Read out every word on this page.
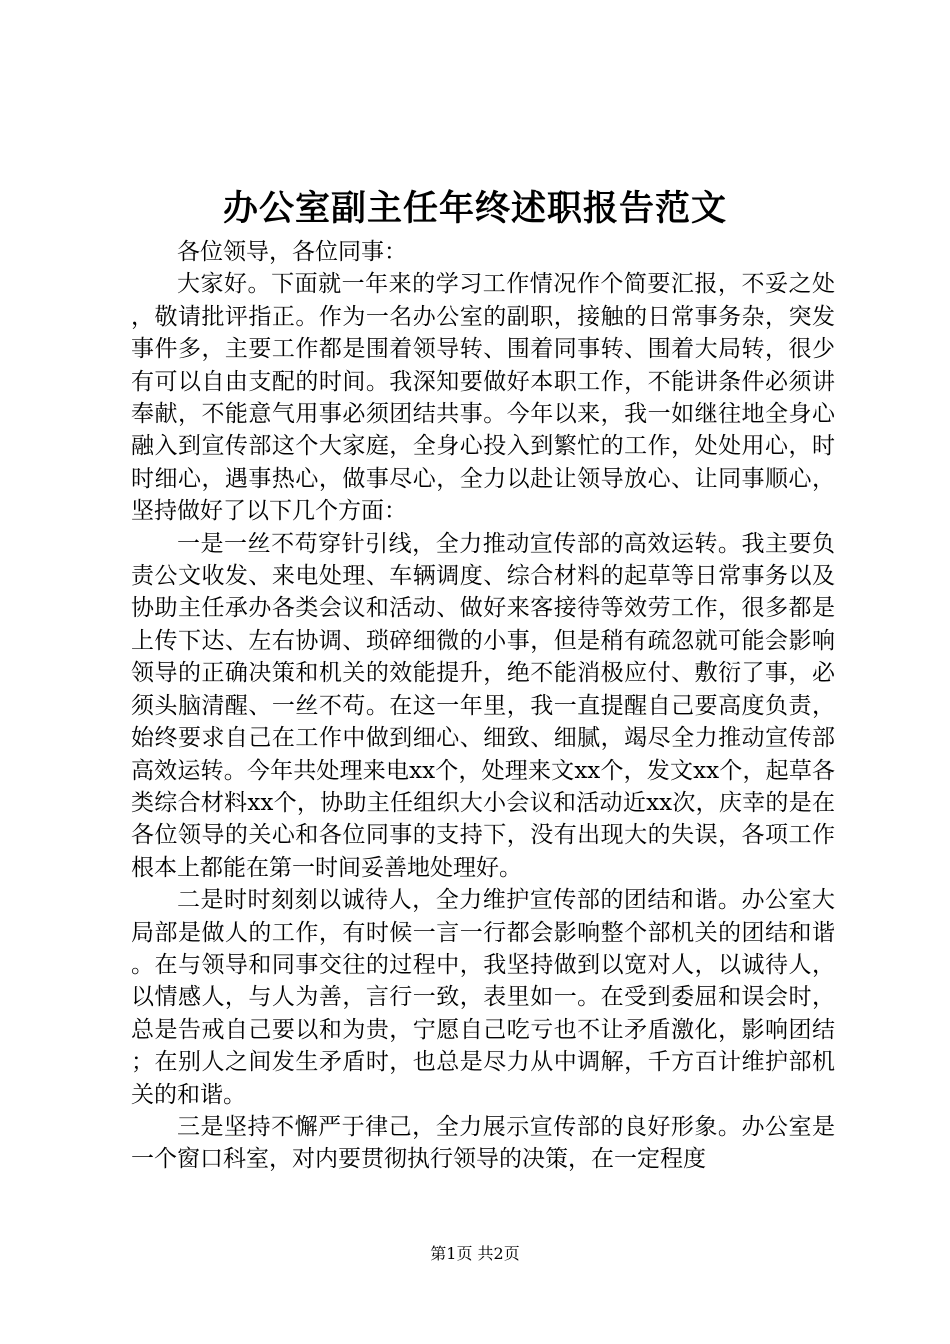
办公室副主任年终述职报告范文

各位领导，各位同事：

大家好。下面就一年来的学习工作情况作个简要汇报，不妥之处，敬请批评指正。作为一名办公室的副职，接触的日常事务杂，突发事件多，主要工作都是围着领导转、围着同事转、围着大局转，很少有可以自由支配的时间。我深知要做好本职工作，不能讲条件必须讲奉献，不能意气用事必须团结共事。今年以来，我一如继往地全身心融入到宣传部这个大家庭，全身心投入到繁忙的工作，处处用心，时时细心，遇事热心，做事尽心，全力以赴让领导放心、让同事顺心，坚持做好了以下几个方面：

一是一丝不苟穿针引线，全力推动宣传部的高效运转。我主要负责公文收发、来电处理、车辆调度、综合材料的起草等日常事务以及协助主任承办各类会议和活动、做好来客接待等效劳工作，很多都是上传下达、左右协调、琐碎细微的小事，但是稍有疏忽就可能会影响领导的正确决策和机关的效能提升，绝不能消极应付、敷衍了事，必须头脑清醒、一丝不苟。在这一年里，我一直提醒自己要高度负责，始终要求自己在工作中做到细心、细致、细腻，竭尽全力推动宣传部高效运转。今年共处理来电xx个，处理来文xx个，发文xx个，起草各类综合材料xx个，协助主任组织大小会议和活动近xx次，庆幸的是在各位领导的关心和各位同事的支持下，没有出现大的失误，各项工作根本上都能在第一时间妥善地处理好。

二是时时刻刻以诚待人，全力维护宣传部的团结和谐。办公室大局部是做人的工作，有时候一言一行都会影响整个部机关的团结和谐。在与领导和同事交往的过程中，我坚持做到以宽对人，以诚待人，以情感人，与人为善，言行一致，表里如一。在受到委屈和误会时，总是告戒自己要以和为贵，宁愿自己吃亏也不让矛盾激化，影响团结；在别人之间发生矛盾时，也总是尽力从中调解，千方百计维护部机关的和谐。

三是坚持不懈严于律己，全力展示宣传部的良好形象。办公室是一个窗口科室，对内要贯彻执行领导的决策，在一定程度

第1页 共2页
